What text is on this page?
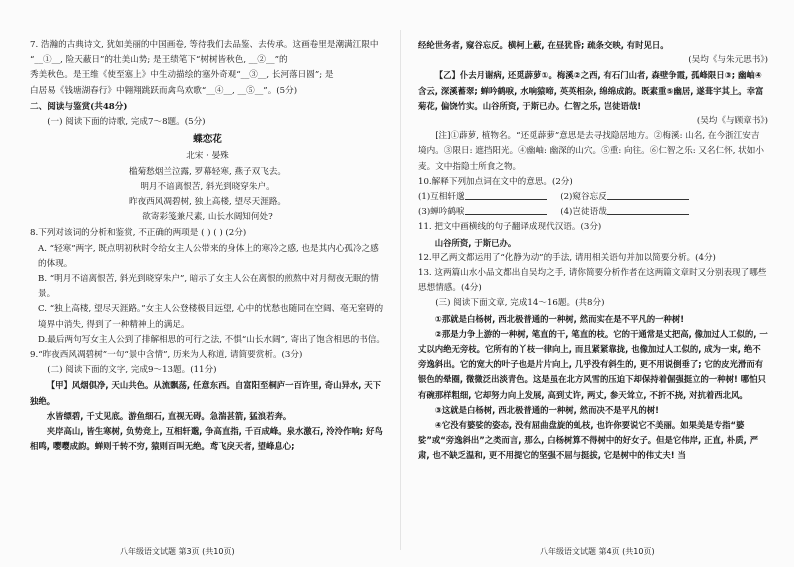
7. 浩瀚的古典诗文, 犹如美丽的中国画卷, 等待我们去品鉴、去传承。这画卷里是潮满江限中

“__①__, 险天蔽日”的壮美山势; 是王绩笔下“树树皆秋色, __②__”的

秀美秋色。是王维《使至塞上》中生动描绘的塞外奇观“__③__, 长河落日圆”; 是

白居易《钱塘湖春行》中翱翔跳跃而禽鸟欢歌“__④__, __⑤__”。(5分)

二、阅读与鉴赏(共48分)

(一) 阅读下面的诗歌, 完成7～8题。(5分)

蝶恋花

北宋 · 晏殊

槛菊愁烟兰泣露, 罗幕轻寒, 燕子双飞去。

明月不谙离恨苦, 斜光到晓穿朱户。

昨夜西风凋碧树, 独上高楼, 望尽天涯路。

欲寄彩笺兼尺素, 山长水阔知何处?

8.下列对该词的分析和鉴赏, 不正确的两项是 ( ) ( ) (2分)

A. “轻寒”两字, 既点明初秋时令给女主人公带来的身体上的寒冷之感, 也是其内心孤冷之感的体现。

B. “明月不谙离恨苦, 斜光到晓穿朱户”, 暗示了女主人公在离恨的煎熬中对月彻夜无眠的情景。

C. “独上高楼, 望尽天涯路。”女主人公登楼极目远望, 心中的忧愁也随同在空阔、亳无窒碍的境界中消失, 得到了一种精神上的满足。

D.最后两句写女主人公到了排解相思的可行之法, 不惧“山长水阔”, 寄出了饱含相思的书信。

9.“昨夜西风凋碧树”一句“景中含情”, 历来为人称道, 请简要赏析。(3分)

(二) 阅读下面的文字, 完成9～13题。(11分)

【甲】风烟俱净, 天山共色。从流飘荡, 任意东西。自富阳至桐庐一百许里, 奇山异水, 天下独绝。

水皆缥碧, 千丈见底。游鱼细石, 直视无碍。急湍甚箭, 猛浪若奔。

夹岸高山, 皆生寒树, 负势竞上, 互相轩邈, 争高直指, 千百成峰。泉水激石, 泠泠作响; 好鸟相鸣, 嘤嘤成韵。蝉则千转不穷, 猿则百叫无绝。鸢飞戾天者, 望峰息心;

经纶世务者, 窥谷忘反。横柯上蔽, 在昼犹昏; 疏条交映, 有时见日。

(吴均《与朱元思书》)

【乙】仆去月谢病, 还觅薜萝①。梅溪②之西, 有石门山者, 森壁争霞, 孤峰限日③; 幽岫④含云, 深溪蓄翠; 蝉吟鹤唳, 水响猿啼, 英英相杂, 绵绵成韵。既素重⑤幽居, 遂葺宇其上。幸富菊花, 偏饶竹实。山谷所资, 于斯已办。仁智之乐, 岂徒语哉!

(吴均《与顾章书》)

[注]①薜萝, 植物名。“还觅薜萝”意思是去寻找隐居地方。②梅溪: 山名, 在今浙江安吉境内。③限日: 遮挡阳光。④幽岫: 幽深的山穴。⑤重: 向往。⑥仁智之乐: 又名仁怀, 状如小麦。文中指隐士所食之物。

10.解释下列加点词在文中的意思。(2分)

(1)互相轩邈	(2)窥谷忘反

(3)蝉吟鹤唳	(4)岂徒语哉

11. 把文中画横线的句子翻译成现代汉语。(3分)

山谷所资, 于斯已办。

12.甲乙两文都运用了“化静为动”的手法, 请用相关语句并加以简要分析。(4分)

13. 这两篇山水小品文都出自吴均之手, 请你简要分析作者在这两篇文章时又分别表现了哪些思想情感。(4分)

(三) 阅读下面文章, 完成14～16题。(共8分)

①那就是白杨树, 西北极普通的一种树, 然而实在是不平凡的一种树!

②那是力争上游的一种树, 笔直的干, 笔直的枝。它的干通常是丈把高, 像加过人工似的, 一丈以内绝无旁枝。它所有的丫枝一律向上, 而且紧紧靠拢, 也像加过人工似的, 成为一束, 绝不旁逸斜出。它的宽大的叶子也是片片向上, 几乎没有斜生的, 更不用说倒垂了; 它的皮光滑而有银色的晕圈, 微微泛出淡青色。这是虽在北方风雪的压迫下却保持着倔强挺立的一种树! 哪怕只有碗那样粗细, 它却努力向上发展, 高到丈许, 两丈, 参天耸立, 不折不挠, 对抗着西北风。

③这就是白杨树, 西北极普通的一种树, 然而决不是平凡的树!

④它没有婆娑的姿态, 没有屈曲盘旋的虬枝, 也许你要说它不美丽。如果美是专指“婆娑”或“旁逸斜出”之类而言, 那么, 白杨树算不得树中的好女子。但是它伟岸, 正直, 朴质, 严肃, 也不缺乏温和, 更不用提它的坚强不屈与挺拔, 它是树中的伟丈夫! 当

八年级语文试题 第3页 (共10页)	八年级语文试题 第4页 (共10页)
